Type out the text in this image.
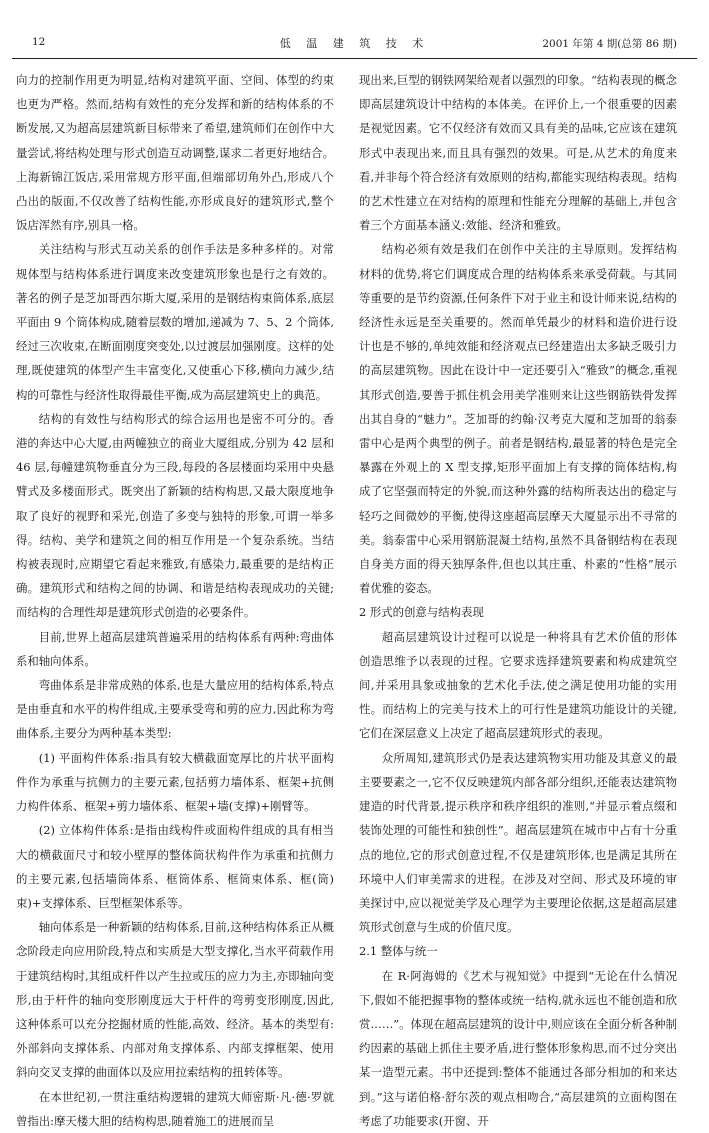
12	低 温 建 筑 技 术	2001 年第 4 期(总第 86 期)

向力的控制作用更为明显,结构对建筑平面、空间、体型的约束也更为严格。然而,结构有效性的充分发挥和新的结构体系的不断发展,又为超高层建筑新目标带来了希望,建筑师们在创作中大量尝试,将结构处理与形式创造互动调整,谋求二者更好地结合。上海新锦江饭店,采用常规方形平面,但端部切角外凸,形成八个凸出的版面,不仅改善了结构性能,亦形成良好的建筑形式,整个饭店浑然有序,别具一格。

关注结构与形式互动关系的创作手法是多种多样的。对常规体型与结构体系进行调度来改变建筑形象也是行之有效的。著名的例子是芝加哥西尔斯大厦,采用的是钢结构束筒体系,底层平面由 9 个筒体构成,随着层数的增加,递减为 7、5、2 个筒体,经过三次收束,在断面刚度突变处,以过渡层加强刚度。这样的处理,既使建筑的体型产生丰富变化,又使重心下移,横向力减少,结构的可靠性与经济性取得最佳平衡,成为高层建筑史上的典范。

结构的有效性与结构形式的综合运用也是密不可分的。香港的奔达中心大厦,由两幢独立的商业大厦组成,分别为 42 层和 46 层,每幢建筑物垂直分为三段,每段的各层楼面均采用中央悬臂式及多楼面形式。既突出了新颖的结构构思,又最大限度地争取了良好的视野和采光,创造了多变与独特的形象,可谓一举多得。结构、美学和建筑之间的相互作用是一个复杂系统。当结构被表现时,应期望它看起来雅致,有感染力,最重要的是结构正确。建筑形式和结构之间的协调、和谐是结构表现成功的关键;而结构的合理性却是建筑形式创造的必要条件。

目前,世界上超高层建筑普遍采用的结构体系有两种:弯曲体系和轴向体系。

弯曲体系是非常成熟的体系,也是大量应用的结构体系,特点是由垂直和水平的构件组成,主要承受弯和剪的应力,因此称为弯曲体系,主要分为两种基本类型:

(1) 平面构件体系:指具有较大横截面宽厚比的片状平面构件作为承重与抗侧力的主要元素,包括剪力墙体系、框架+抗侧力构件体系、框架+剪力墙体系、框架+墙(支撑)+刚臂等。

(2) 立体构件体系:是指由线构件或面构件组成的具有相当大的横截面尺寸和较小壁厚的整体筒状构件作为承重和抗侧力的主要元素,包括墙筒体系、框筒体系、框筒束体系、框(筒)束)+支撑体系、巨型框架体系等。

轴向体系是一种新颖的结构体系,目前,这种结构体系正从概念阶段走向应用阶段,特点和实质是大型支撑化,当水平荷载作用于建筑结构时,其组成杆件以产生拉或压的应力为主,亦即轴向变形,由于杆件的轴向变形刚度远大于杆件的弯剪变形刚度,因此,这种体系可以充分挖掘材质的性能,高效、经济。基本的类型有:外部斜向支撑体系、内部对角支撑体系、内部支撑框架、使用斜向交叉支撑的曲面体以及应用拉索结构的扭转体等。

在本世纪初,一贯注重结构逻辑的建筑大师密斯·凡·德·罗就曾指出:摩天楼大胆的结构构思,随着施工的进展而呈

现出来,巨型的钢铁网架给观者以强烈的印象。“结构表现的概念即高层建筑设计中结构的本体美。在评价上,一个很重要的因素是视觉因素。它不仅经济有效而又具有美的品味,它应该在建筑形式中表现出来,而且具有强烈的效果。可是,从艺术的角度来看,并非每个符合经济有效原则的结构,都能实现结构表现。结构的艺术性建立在对结构的原理和性能充分理解的基础上,并包含着三个方面基本涵义:效能、经济和雅致。

结构必须有效是我们在创作中关注的主导原则。发挥结构材料的优势,将它们调度成合理的结构体系来承受荷载。与其同等重要的是节约资源,任何条件下对于业主和设计师来说,结构的经济性永远是至关重要的。然而单凭最少的材料和造价进行设计也是不够的,单纯效能和经济观点已经建造出太多缺乏吸引力的高层建筑物。因此在设计中一定还要引入“雅致”的概念,重视其形式创造,要善于抓住机会用美学准则来让这些钢筋铁骨发挥出其自身的“魅力”。芝加哥的约翰·汉考克大厦和芝加哥的翁泰雷中心是两个典型的例子。前者是钢结构,最显著的特色是完全暴露在外观上的 X 型支撑,矩形平面加上有支撑的筒体结构,构成了它坚强而特定的外貌,而这种外露的结构所表达出的稳定与轻巧之间微妙的平衡,使得这座超高层摩天大厦显示出不寻常的美。翁泰雷中心采用钢筋混凝土结构,虽然不具备钢结构在表现自身美方面的得天独厚条件,但也以其庄重、朴素的“性格”展示着优雅的姿态。

2 形式的创意与结构表现

超高层建筑设计过程可以说是一种将具有艺术价值的形体创造思维予以表现的过程。它要求选择建筑要素和构成建筑空间,并采用具象或抽象的艺术化手法,使之满足使用功能的实用性。而结构上的完美与技术上的可行性是建筑功能设计的关键,它们在深层意义上决定了超高层建筑形式的表现。

众所周知,建筑形式仍是表达建筑物实用功能及其意义的最主要要素之一,它不仅反映建筑内部各部分组织,还能表达建筑物建造的时代背景,提示秩序和秩序组织的准则,“并显示着点缀和装饰处理的可能性和独创性”。超高层建筑在城市中占有十分重点的地位,它的形式创意过程,不仅是建筑形体,也是满足其所在环境中人们审美需求的进程。在涉及对空间、形式及环境的审美探讨中,应以视觉美学及心理学为主要理论依据,这是超高层建筑形式创意与生成的价值尺度。

2.1 整体与统一

在 R·阿海姆的《艺术与视知觉》中提到“无论在什么情况下,假如不能把握事物的整体或统一结构,就永远也不能创造和欣赏……”。体现在超高层建筑的设计中,则应该在全面分析各种制约因素的基础上抓住主要矛盾,进行整体形象构思,而不过分突出某一造型元素。书中还提到:整体不能通过各部分相加的和来达到。”这与诺伯格·舒尔茨的观点相吻合,“高层建筑的立面构图在考虑了功能要求(开窗、开
